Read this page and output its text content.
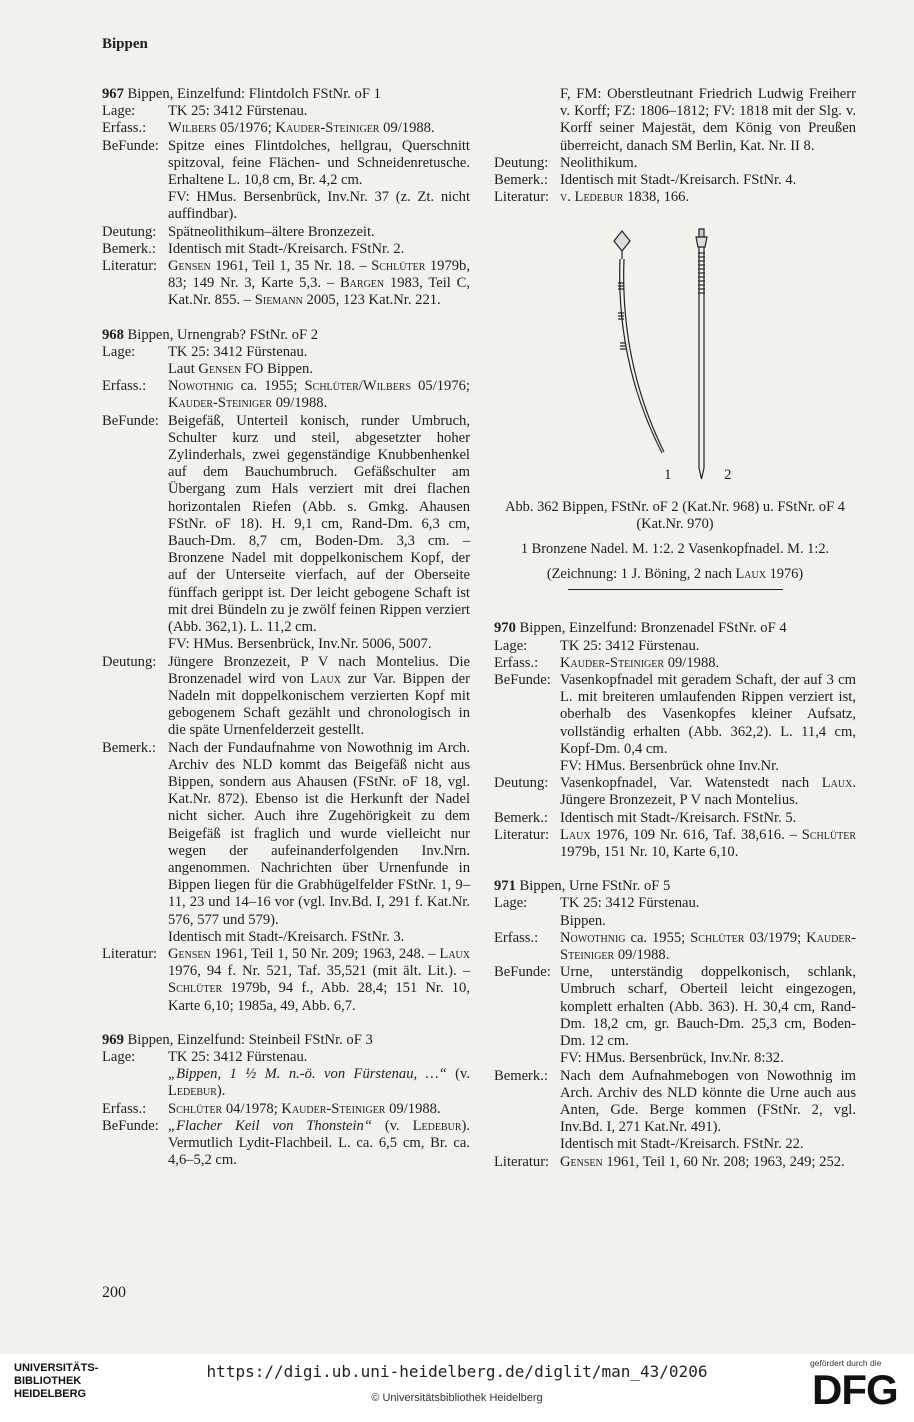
Bippen

967 Bippen, Einzelfund: Flintdolch FStNr. oF 1

Lage:	TK 25: 3412 Fürstenau.
Erfass.:	Wilbers 05/1976; Kauder-Steiniger 09/1988.
BeFunde: Spitze eines Flintdolches, hellgrau, Querschnitt spitzoval, feine Flächen- und Schneidenretusche. Erhaltene L. 10,8 cm, Br. 4,2 cm.

FV: HMus. Bersenbrück, Inv.Nr. 37 (z. Zt. nicht auffindbar).

Deutung: Spätneolithikum–ältere Bronzezeit.
Bemerk.: Identisch mit Stadt-/Kreisarch. FStNr. 2.
Literatur: Gensen 1961, Teil 1, 35 Nr. 18. – Schlüter 1979b, 83; 149 Nr. 3, Karte 5,3. – Bargen 1983, Teil C, Kat.Nr. 855. – Siemann 2005, 123 Kat.Nr. 221.

968 Bippen, Urnengrab? FStNr. oF 2

Lage:	TK 25: 3412 Fürstenau.

Laut Gensen FO Bippen.

Erfass.:	Nowothnig ca. 1955; Schlüter/Wilbers 05/1976; Kauder-Steiniger 09/1988.
BeFunde: Beigefäß, Unterteil konisch, runder Umbruch, Schulter kurz und steil, abgesetzter hoher Zylinderhals, zwei gegenständige Knubbenhenkel auf dem Bauchumbruch. Gefäßschulter am Übergang zum Hals verziert mit drei flachen horizontalen Riefen (Abb. s. Gmkg. Ahausen FStNr. oF 18). H. 9,1 cm, Rand-Dm. 6,3 cm, Bauch-Dm. 8,7 cm, Boden-Dm. 3,3 cm. – Bronzene Nadel mit doppelkonischem Kopf, der auf der Unterseite vierfach, auf der Oberseite fünffach gerippt ist. Der leicht gebogene Schaft ist mit drei Bündeln zu je zwölf feinen Rippen verziert (Abb. 362,1). L. 11,2 cm.

FV: HMus. Bersenbrück, Inv.Nr. 5006, 5007.

Deutung: Jüngere Bronzezeit, P V nach Montelius. Die Bronzenadel wird von Laux zur Var. Bippen der Nadeln mit doppelkonischem verzierten Kopf mit gebogenem Schaft gezählt und chronologisch in die späte Urnenfelderzeit gestellt.
Bemerk.: Nach der Fundaufnahme von Nowothnig im Arch. Archiv des NLD kommt das Beigefäß nicht aus Bippen, sondern aus Ahausen (FStNr. oF 18, vgl. Kat.Nr. 872). Ebenso ist die Herkunft der Nadel nicht sicher. Auch ihre Zugehörigkeit zu dem Beigefäß ist fraglich und wurde vielleicht nur wegen der aufeinanderfolgenden Inv.Nrn. angenommen. Nachrichten über Urnenfunde in Bippen liegen für die Grabhügelfelder FStNr. 1, 9–11, 23 und 14–16 vor (vgl. Inv.Bd. I, 291 f. Kat.Nr. 576, 577 und 579).

Identisch mit Stadt-/Kreisarch. FStNr. 3.

Literatur: Gensen 1961, Teil 1, 50 Nr. 209; 1963, 248. – Laux 1976, 94 f. Nr. 521, Taf. 35,521 (mit ält. Lit.). – Schlüter 1979b, 94 f., Abb. 28,4; 151 Nr. 10, Karte 6,10; 1985a, 49, Abb. 6,7.

969 Bippen, Einzelfund: Steinbeil FStNr. oF 3

Lage:	TK 25: 3412 Fürstenau.

„Bippen, 1 ½ M. n.-ö. von Fürstenau, …“ (v. Ledebur).

Erfass.:	Schlüter 04/1978; Kauder-Steiniger 09/1988.
BeFunde: „Flacher Keil von Thonstein“ (v. Ledebur). Vermutlich Lydit-Flachbeil. L. ca. 6,5 cm, Br. ca. 4,6–5,2 cm.

F, FM: Oberstleutnant Friedrich Ludwig Freiherr v. Korff; FZ: 1806–1812; FV: 1818 mit der Slg. v. Korff seiner Majestät, dem König von Preußen überreicht, danach SM Berlin, Kat. Nr. II 8.

Deutung: Neolithikum.
Bemerk.: Identisch mit Stadt-/Kreisarch. FStNr. 4.
Literatur: v. Ledebur 1838, 166.
1	2

Abb. 362 Bippen, FStNr. oF 2 (Kat.Nr. 968) u. FStNr. oF 4 (Kat.Nr. 970)

1 Bronzene Nadel. M. 1:2. 2 Vasenkopfnadel. M. 1:2.

(Zeichnung: 1 J. Böning, 2 nach Laux 1976)

970 Bippen, Einzelfund: Bronzenadel FStNr. oF 4

Lage:	TK 25: 3412 Fürstenau.
Erfass.:	Kauder-Steiniger 09/1988.
BeFunde: Vasenkopfnadel mit geradem Schaft, der auf 3 cm L. mit breiteren umlaufenden Rippen verziert ist, oberhalb des Vasenkopfes kleiner Aufsatz, vollständig erhalten (Abb. 362,2). L. 11,4 cm, Kopf-Dm. 0,4 cm.

FV: HMus. Bersenbrück ohne Inv.Nr.

Deutung: Vasenkopfnadel, Var. Watenstedt nach Laux. Jüngere Bronzezeit, P V nach Montelius.
Bemerk.: Identisch mit Stadt-/Kreisarch. FStNr. 5.
Literatur: Laux 1976, 109 Nr. 616, Taf. 38,616. – Schlüter 1979b, 151 Nr. 10, Karte 6,10.

971 Bippen, Urne FStNr. oF 5

Lage:	TK 25: 3412 Fürstenau.

Bippen.

Erfass.:	Nowothnig ca. 1955; Schlüter 03/1979; Kauder-Steiniger 09/1988.
BeFunde: Urne, unterständig doppelkonisch, schlank, Umbruch scharf, Oberteil leicht eingezogen, komplett erhalten (Abb. 363). H. 30,4 cm, Rand-Dm. 18,2 cm, gr. Bauch-Dm. 25,3 cm, Boden-Dm. 12 cm.

FV: HMus. Bersenbrück, Inv.Nr. 8:32.

Bemerk.: Nach dem Aufnahmebogen von Nowothnig im Arch. Archiv des NLD könnte die Urne auch aus Anten, Gde. Berge kommen (FStNr. 2, vgl. Inv.Bd. I, 271 Kat.Nr. 491).

Identisch mit Stadt-/Kreisarch. FStNr. 22.

Literatur: Gensen 1961, Teil 1, 60 Nr. 208; 1963, 249; 252.
200
UNIVERSITÄTS-
BIBLIOTHEK
HEIDELBERG
https://digi.ub.uni-heidelberg.de/diglit/man_43/0206
© Universitätsbibliothek Heidelberg
gefördert durch die
DFG
